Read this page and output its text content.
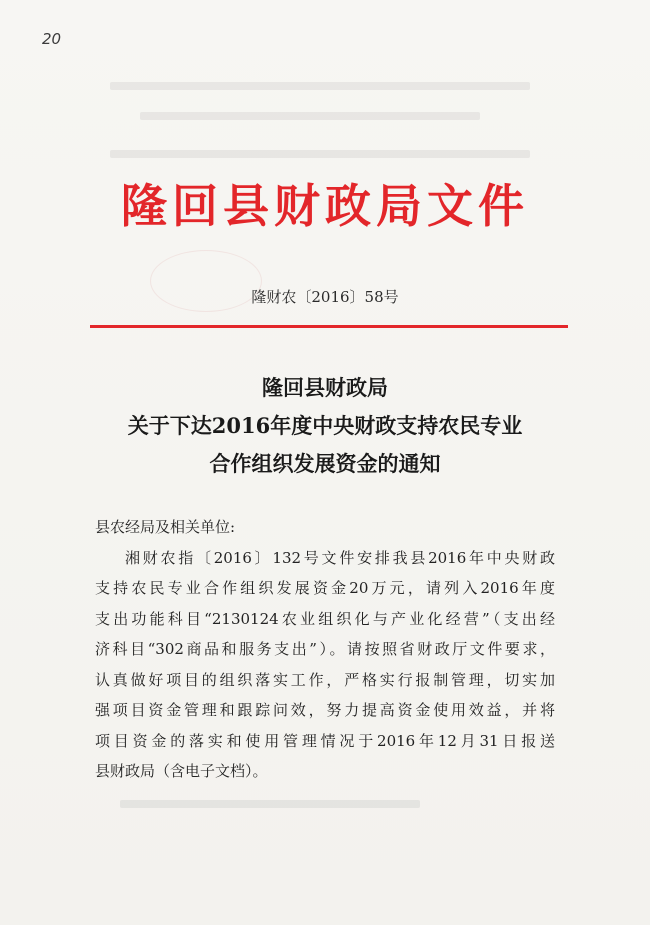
20
隆回县财政局文件
隆财农〔2016〕58号
隆回县财政局
关于下达2016年度中央财政支持农民专业
合作组织发展资金的通知
县农经局及相关单位:
湘财农指〔2016〕132号文件安排我县2016年中央财政
支持农民专业合作组织发展资金20万元，请列入2016年度
支出功能科目“2130124农业组织化与产业化经营”（支出经
济科目“302商品和服务支出”）。请按照省财政厅文件要求，
认真做好项目的组织落实工作，严格实行报制管理，切实加
强项目资金管理和跟踪问效，努力提高资金使用效益，并将
项目资金的落实和使用管理情况于2016年12月31日报送
县财政局（含电子文档）。
